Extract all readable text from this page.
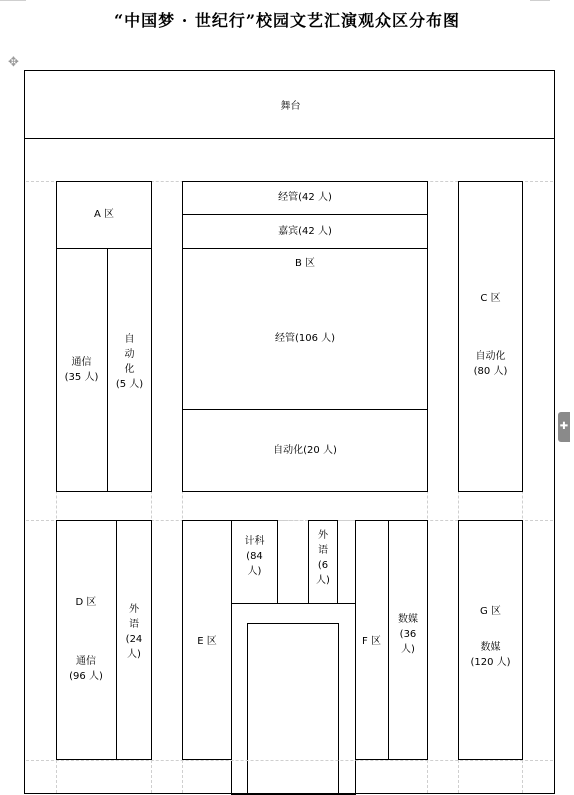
“中国梦 · 世纪行”校园文艺汇演观众区分布图
✥
舞台
A 区
通信
(35 人)
自
动
化
(5 人)
经管(42 人)
嘉宾(42 人)
B 区
经管(106 人)
自动化(20 人)
C 区
自动化
(80 人)
D 区
通信
(96 人)
外
语
(24
人)
E 区
计科
(84
人)
外
语
(6
人)
F 区
数媒
(36
人)
G 区
数媒
(120 人)
✚
